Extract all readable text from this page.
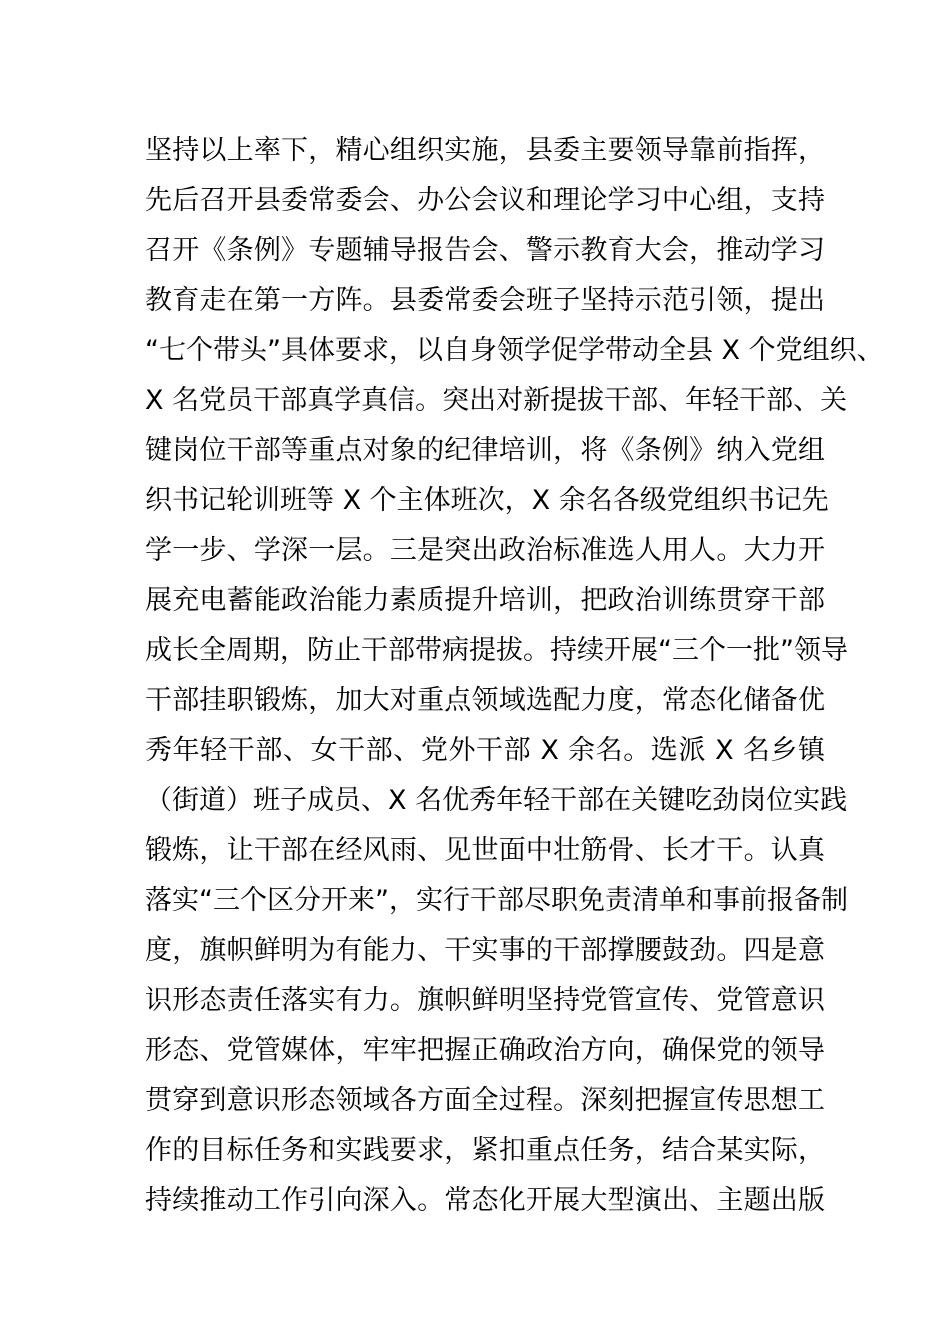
坚持以上率下，精心组织实施，县委主要领导靠前指挥，
先后召开县委常委会、办公会议和理论学习中心组，支持
召开《条例》专题辅导报告会、警示教育大会，推动学习
教育走在第一方阵。县委常委会班子坚持示范引领，提出
“七个带头”具体要求，以自身领学促学带动全县 X 个党组织、
X 名党员干部真学真信。突出对新提拔干部、年轻干部、关
键岗位干部等重点对象的纪律培训，将《条例》纳入党组
织书记轮训班等 X 个主体班次，X 余名各级党组织书记先
学一步、学深一层。三是突出政治标准选人用人。大力开
展充电蓄能政治能力素质提升培训，把政治训练贯穿干部
成长全周期，防止干部带病提拔。持续开展“三个一批”领导
干部挂职锻炼，加大对重点领域选配力度，常态化储备优
秀年轻干部、女干部、党外干部 X 余名。选派 X 名乡镇
（街道）班子成员、X 名优秀年轻干部在关键吃劲岗位实践
锻炼，让干部在经风雨、见世面中壮筋骨、长才干。认真
落实“三个区分开来”，实行干部尽职免责清单和事前报备制
度，旗帜鲜明为有能力、干实事的干部撑腰鼓劲。四是意
识形态责任落实有力。旗帜鲜明坚持党管宣传、党管意识
形态、党管媒体，牢牢把握正确政治方向，确保党的领导
贯穿到意识形态领域各方面全过程。深刻把握宣传思想工
作的目标任务和实践要求，紧扣重点任务，结合某实际，
持续推动工作引向深入。常态化开展大型演出、主题出版
